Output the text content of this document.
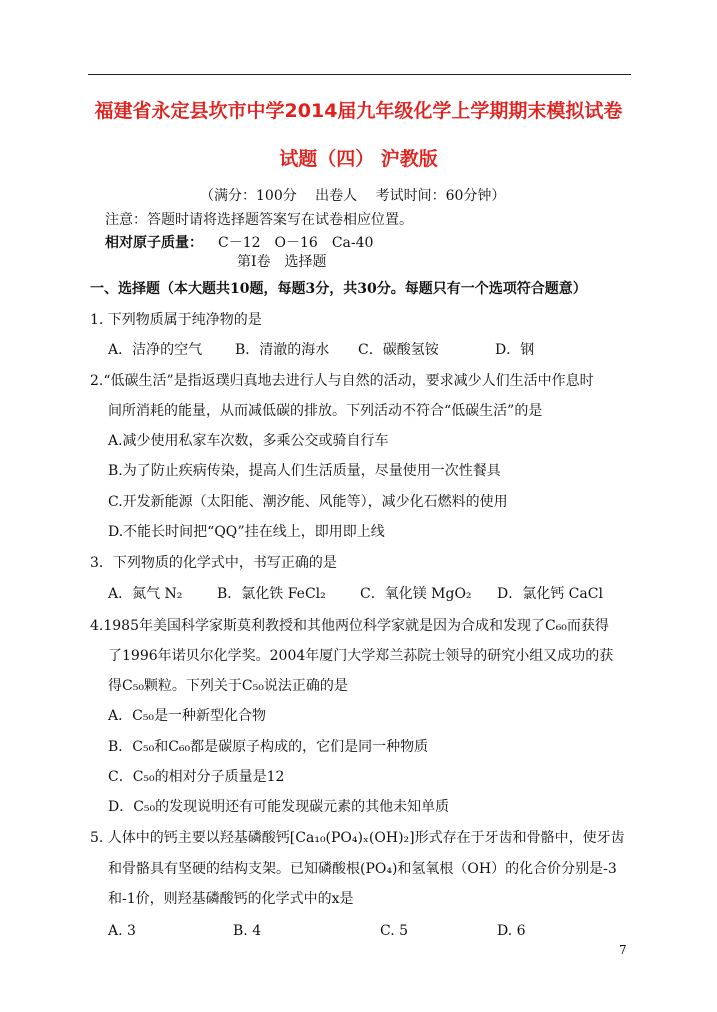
福建省永定县坎市中学2014届九年级化学上学期期末模拟试卷
试题（四） 沪教版
（满分：100分　 出卷人　 考试时间：60分钟）
注意：答题时请将选择题答案写在试卷相应位置。
相对原子质量： C－12　O－16　Ca-40
第Ⅰ卷　选择题
一、选择题（本大题共10题，每题3分，共30分。每题只有一个选项符合题意）
1. 下列物质属于纯净物的是
A．洁净的空气 B．清澈的海水 C．碳酸氢铵	D．钢
2.“低碳生活”是指返璞归真地去进行人与自然的活动，要求减少人们生活中作息时
间所消耗的能量，从而减低碳的排放。下列活动不符合“低碳生活”的是
A.减少使用私家车次数，多乘公交或骑自行车
B.为了防止疾病传染，提高人们生活质量，尽量使用一次性餐具
C.开发新能源（太阳能、潮汐能、风能等），减少化石燃料的使用
D.不能长时间把“QQ”挂在线上，即用即上线
3．下列物质的化学式中，书写正确的是
A．氮气 N₂ B．氯化铁 FeCl₂ C．氧化镁 MgO₂ D．氯化钙 CaCl
4.1985年美国科学家斯莫利教授和其他两位科学家就是因为合成和发现了C₆₀而获得
了1996年诺贝尔化学奖。2004年厦门大学郑兰荪院士领导的研究小组又成功的获
得C₅₀颗粒。下列关于C₅₀说法正确的是
A．C₅₀是一种新型化合物
B．C₅₀和C₆₀都是碳原子构成的，它们是同一种物质
C．C₅₀的相对分子质量是12
D．C₅₀的发现说明还有可能发现碳元素的其他未知单质
5. 人体中的钙主要以羟基磷酸钙[Ca₁₀(PO₄)ₓ(OH)₂]形式存在于牙齿和骨骼中，使牙齿
和骨骼具有坚硬的结构支架。已知磷酸根(PO₄)和氢氧根（OH）的化合价分别是-3
和-1价，则羟基磷酸钙的化学式中的x是
A. 3	B. 4	C. 5	D. 6
7
